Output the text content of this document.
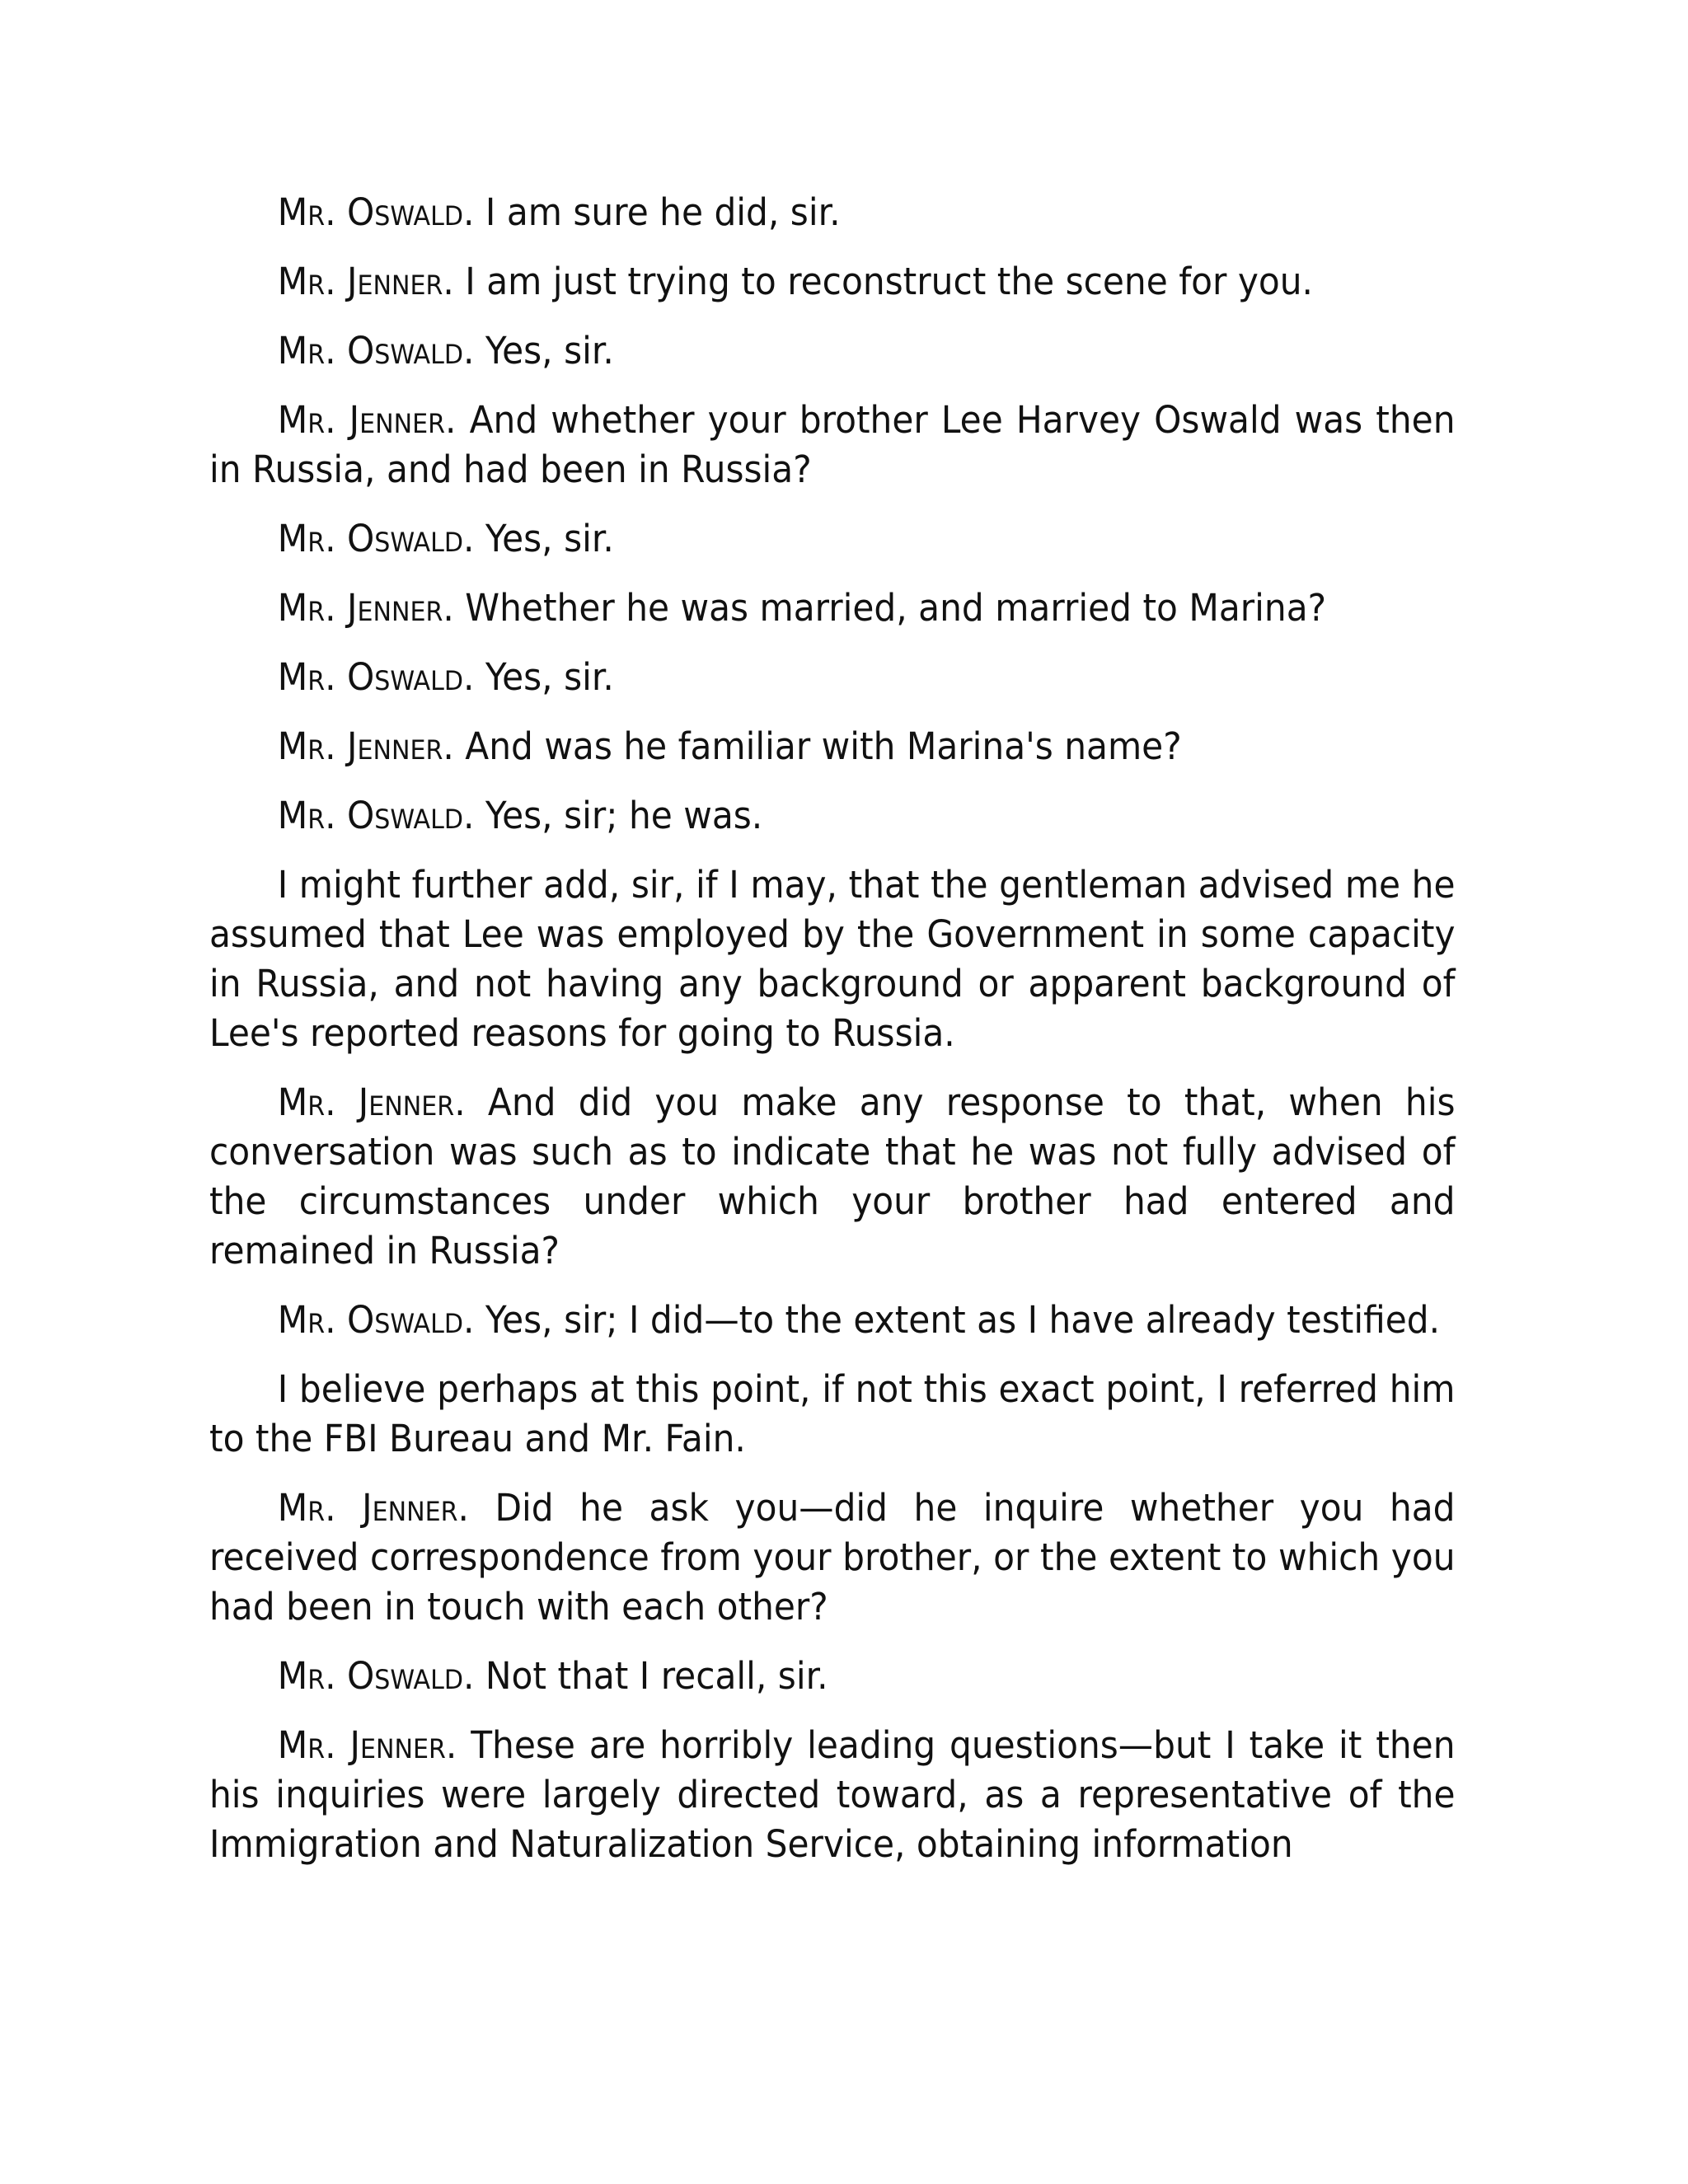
Mr. Oswald. I am sure he did, sir.

Mr. Jenner. I am just trying to reconstruct the scene for you.

Mr. Oswald. Yes, sir.

Mr. Jenner. And whether your brother Lee Harvey Oswald was then in Russia, and had been in Russia?

Mr. Oswald. Yes, sir.

Mr. Jenner. Whether he was married, and married to Marina?

Mr. Oswald. Yes, sir.

Mr. Jenner. And was he familiar with Marina's name?

Mr. Oswald. Yes, sir; he was.

I might further add, sir, if I may, that the gentleman advised me he assumed that Lee was employed by the Government in some capacity in Russia, and not having any background or apparent background of Lee's reported reasons for going to Russia.

Mr. Jenner. And did you make any response to that, when his conversation was such as to indicate that he was not fully advised of the circumstances under which your brother had entered and remained in Russia?

Mr. Oswald. Yes, sir; I did—to the extent as I have already testified.

I believe perhaps at this point, if not this exact point, I referred him to the FBI Bureau and Mr. Fain.

Mr. Jenner. Did he ask you—did he inquire whether you had received correspondence from your brother, or the extent to which you had been in touch with each other?

Mr. Oswald. Not that I recall, sir.

Mr. Jenner. These are horribly leading questions—but I take it then his inquiries were largely directed toward, as a representative of the Immigration and Naturalization Service, obtaining information
